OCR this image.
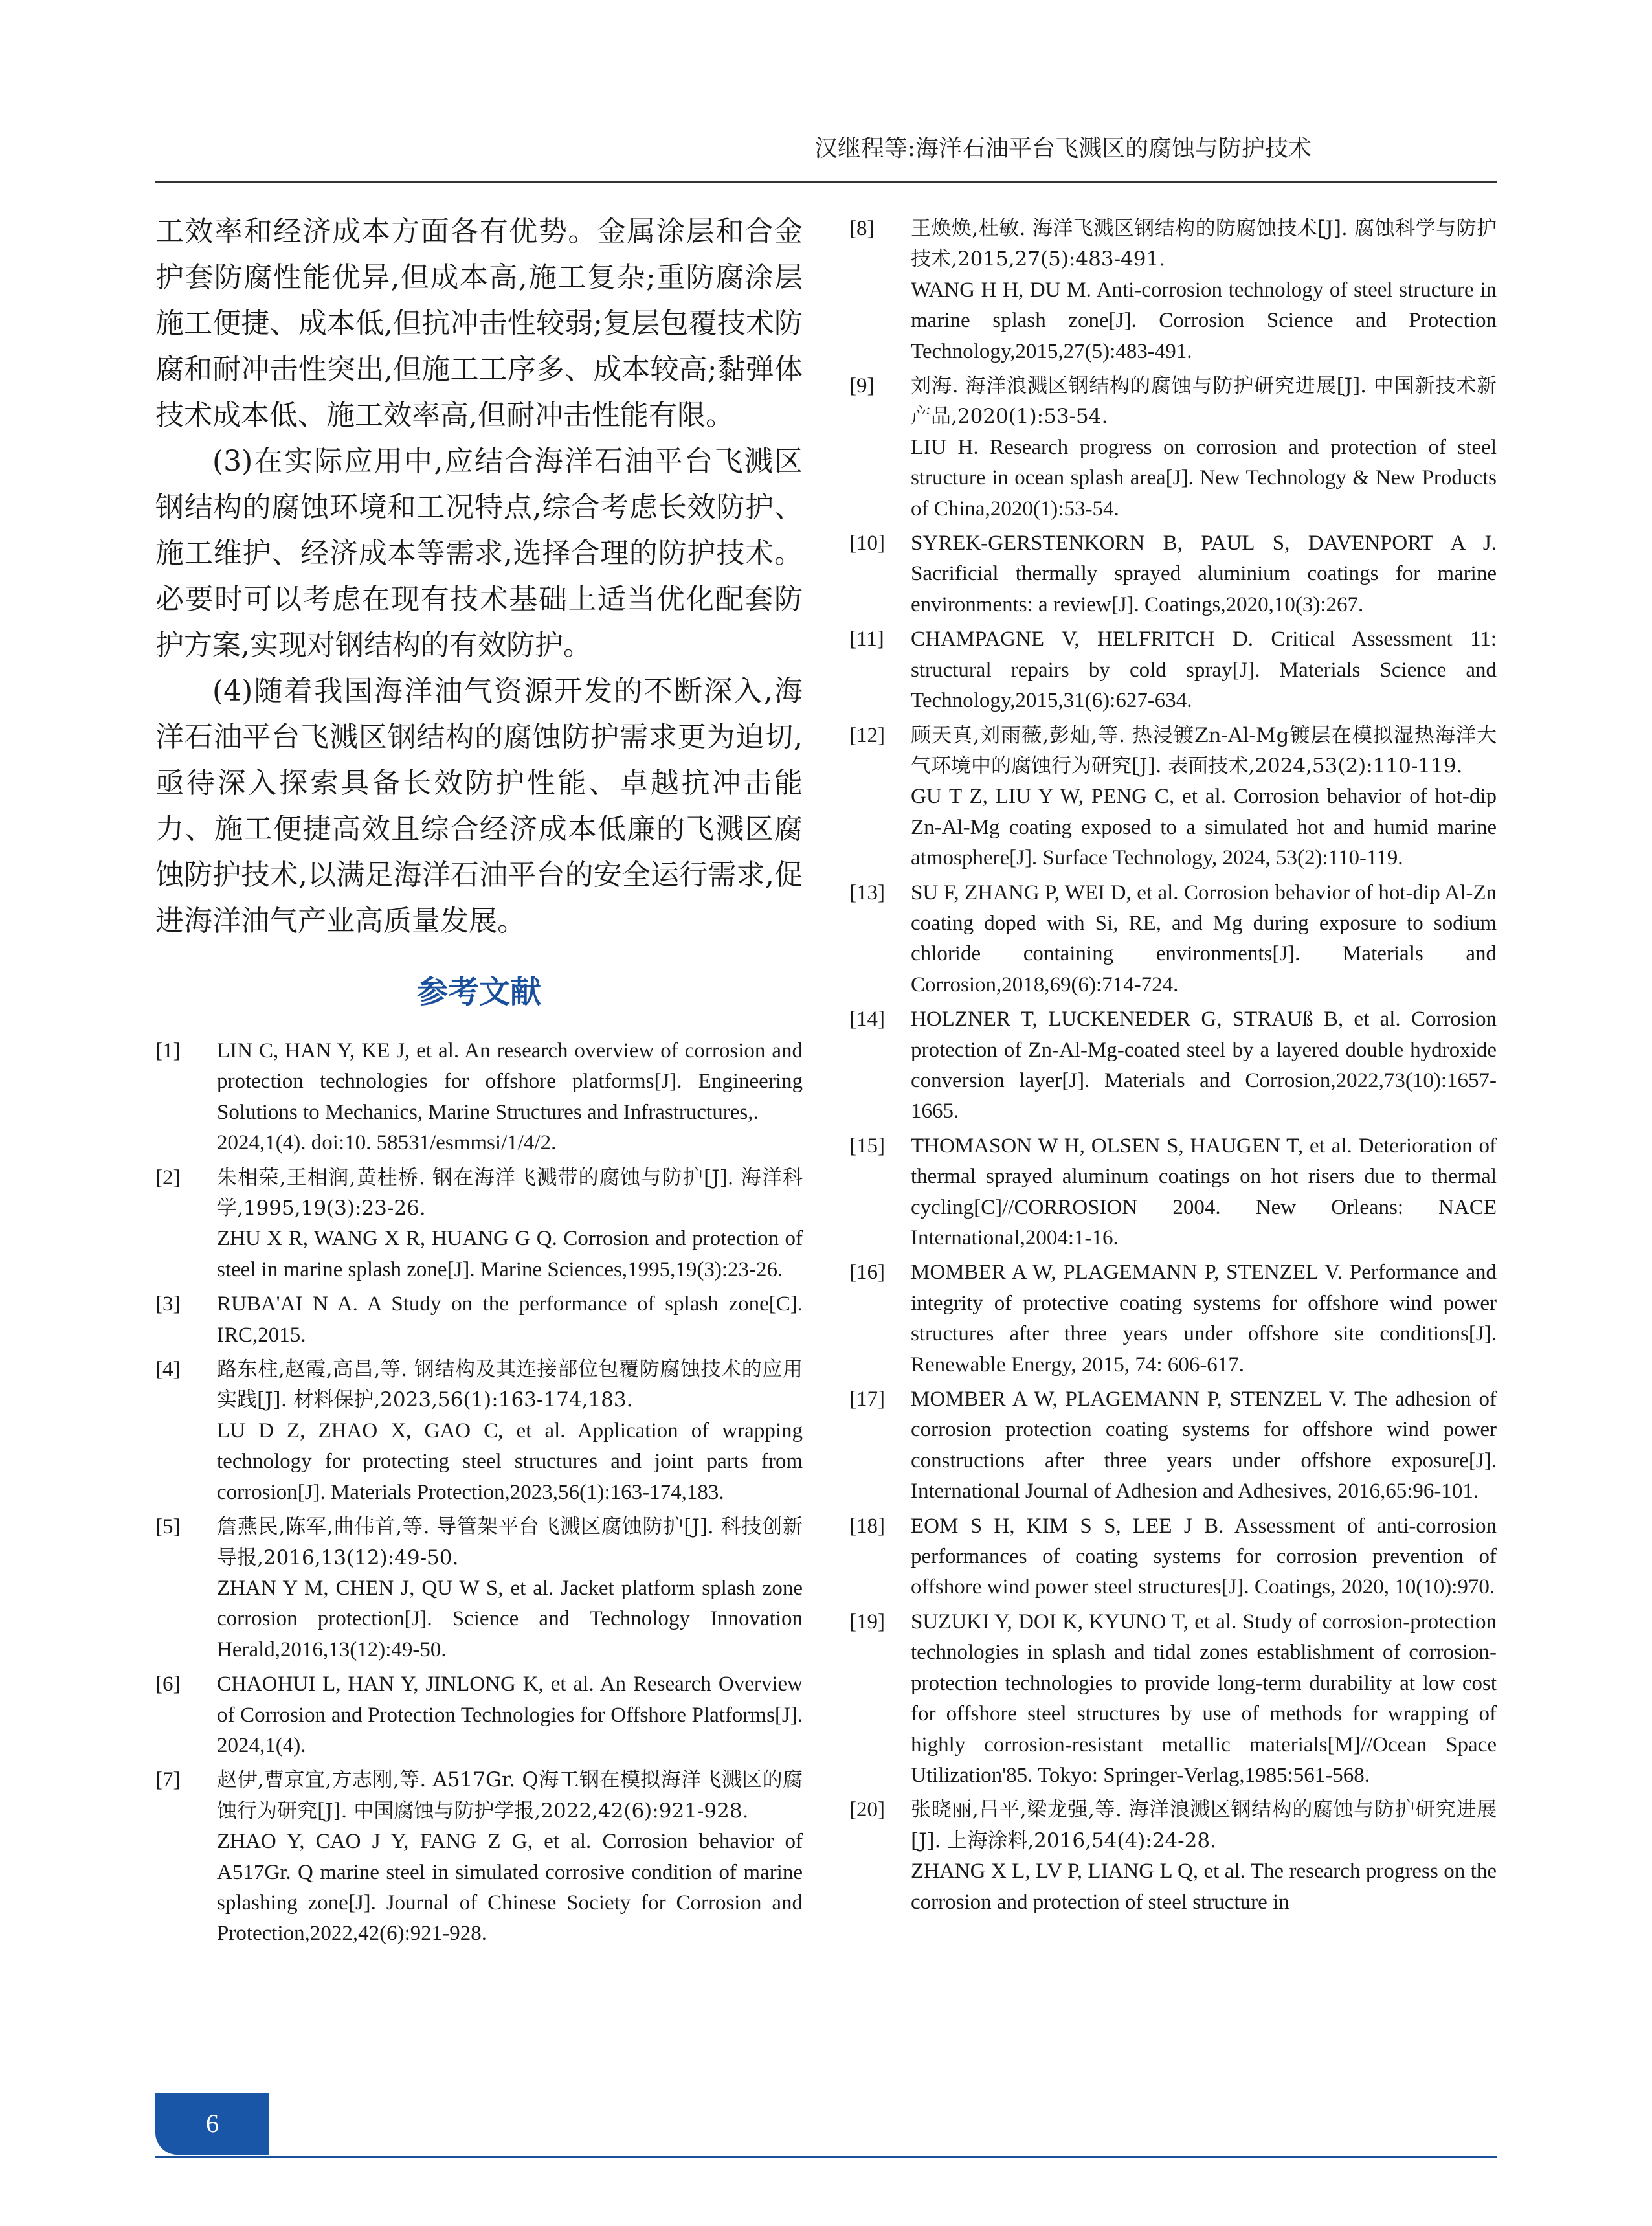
汉继程等:海洋石油平台飞溅区的腐蚀与防护技术

工效率和经济成本方面各有优势。金属涂层和合金护套防腐性能优异,但成本高,施工复杂;重防腐涂层施工便捷、成本低,但抗冲击性较弱;复层包覆技术防腐和耐冲击性突出,但施工工序多、成本较高;黏弹体技术成本低、施工效率高,但耐冲击性能有限。

(3)在实际应用中,应结合海洋石油平台飞溅区钢结构的腐蚀环境和工况特点,综合考虑长效防护、施工维护、经济成本等需求,选择合理的防护技术。必要时可以考虑在现有技术基础上适当优化配套防护方案,实现对钢结构的有效防护。

(4)随着我国海洋油气资源开发的不断深入,海洋石油平台飞溅区钢结构的腐蚀防护需求更为迫切,亟待深入探索具备长效防护性能、卓越抗冲击能力、施工便捷高效且综合经济成本低廉的飞溅区腐蚀防护技术,以满足海洋石油平台的安全运行需求,促进海洋油气产业高质量发展。

参考文献
[1] LIN C, HAN Y, KE J, et al. An research overview of corrosion and protection technologies for offshore platforms[J]. Engineering Solutions to Mechanics, Marine Structures and Infrastructures,.

2024,1(4). doi:10. 58531/esmmsi/1/4/2.

[2] 朱相荣,王相润,黄桂桥. 钢在海洋飞溅带的腐蚀与防护[J]. 海洋科学,1995,19(3):23-26.

ZHU X R, WANG X R, HUANG G Q. Corrosion and protection of steel in marine splash zone[J]. Marine Sciences,1995,19(3):23-26.

[3] RUBA'AI N A. A Study on the performance of splash zone[C]. IRC,2015.

[4] 路东柱,赵霞,高昌,等. 钢结构及其连接部位包覆防腐蚀技术的应用实践[J]. 材料保护,2023,56(1):163-174,183.

LU D Z, ZHAO X, GAO C, et al. Application of wrapping technology for protecting steel structures and joint parts from corrosion[J]. Materials Protection,2023,56(1):163-174,183.

[5] 詹燕民,陈军,曲伟首,等. 导管架平台飞溅区腐蚀防护[J]. 科技创新导报,2016,13(12):49-50.

ZHAN Y M, CHEN J, QU W S, et al. Jacket platform splash zone corrosion protection[J]. Science and Technology Innovation Herald,2016,13(12):49-50.

[6] CHAOHUI L, HAN Y, JINLONG K, et al. An Research Overview of Corrosion and Protection Technologies for Offshore Platforms[J]. 2024,1(4).

[7] 赵伊,曹京宜,方志刚,等. A517Gr. Q海工钢在模拟海洋飞溅区的腐蚀行为研究[J]. 中国腐蚀与防护学报,2022,42(6):921-928.

ZHAO Y, CAO J Y, FANG Z G, et al. Corrosion behavior of A517Gr. Q marine steel in simulated corrosive condition of marine splashing zone[J]. Journal of Chinese Society for Corrosion and Protection,2022,42(6):921-928.

[8] 王焕焕,杜敏. 海洋飞溅区钢结构的防腐蚀技术[J]. 腐蚀科学与防护技术,2015,27(5):483-491.

WANG H H, DU M. Anti-corrosion technology of steel structure in marine splash zone[J]. Corrosion Science and Protection Technology,2015,27(5):483-491.

[9] 刘海. 海洋浪溅区钢结构的腐蚀与防护研究进展[J]. 中国新技术新产品,2020(1):53-54.

LIU H. Research progress on corrosion and protection of steel structure in ocean splash area[J]. New Technology & New Products of China,2020(1):53-54.

[10] SYREK-GERSTENKORN B, PAUL S, DAVENPORT A J. Sacrificial thermally sprayed aluminium coatings for marine environments: a review[J]. Coatings,2020,10(3):267.

[11] CHAMPAGNE V, HELFRITCH D. Critical Assessment 11: structural repairs by cold spray[J]. Materials Science and Technology,2015,31(6):627-634.

[12] 顾天真,刘雨薇,彭灿,等. 热浸镀Zn-Al-Mg镀层在模拟湿热海洋大气环境中的腐蚀行为研究[J]. 表面技术,2024,53(2):110-119.

GU T Z, LIU Y W, PENG C, et al. Corrosion behavior of hot-dip Zn-Al-Mg coating exposed to a simulated hot and humid marine atmosphere[J]. Surface Technology, 2024, 53(2):110-119.

[13] SU F, ZHANG P, WEI D, et al. Corrosion behavior of hot-dip Al-Zn coating doped with Si, RE, and Mg during exposure to sodium chloride containing environments[J]. Materials and Corrosion,2018,69(6):714-724.

[14] HOLZNER T, LUCKENEDER G, STRAUß B, et al. Corrosion protection of Zn-Al-Mg-coated steel by a layered double hydroxide conversion layer[J]. Materials and Corrosion,2022,73(10):1657-1665.

[15] THOMASON W H, OLSEN S, HAUGEN T, et al. Deterioration of thermal sprayed aluminum coatings on hot risers due to thermal cycling[C]//CORROSION 2004. New Orleans: NACE International,2004:1-16.

[16] MOMBER A W, PLAGEMANN P, STENZEL V. Performance and integrity of protective coating systems for offshore wind power structures after three years under offshore site conditions[J]. Renewable Energy, 2015, 74: 606-617.

[17] MOMBER A W, PLAGEMANN P, STENZEL V. The adhesion of corrosion protection coating systems for offshore wind power constructions after three years under offshore exposure[J]. International Journal of Adhesion and Adhesives, 2016,65:96-101.

[18] EOM S H, KIM S S, LEE J B. Assessment of anti-corrosion performances of coating systems for corrosion prevention of offshore wind power steel structures[J]. Coatings, 2020, 10(10):970.

[19] SUZUKI Y, DOI K, KYUNO T, et al. Study of corrosion-protection technologies in splash and tidal zones establishment of corrosion-protection technologies to provide long-term durability at low cost for offshore steel structures by use of methods for wrapping of highly corrosion-resistant metallic materials[M]//Ocean Space Utilization'85. Tokyo: Springer-Verlag,1985:561-568.

[20] 张晓丽,吕平,梁龙强,等. 海洋浪溅区钢结构的腐蚀与防护研究进展[J]. 上海涂料,2016,54(4):24-28.

ZHANG X L, LV P, LIANG L Q, et al. The research progress on the corrosion and protection of steel structure in

6
